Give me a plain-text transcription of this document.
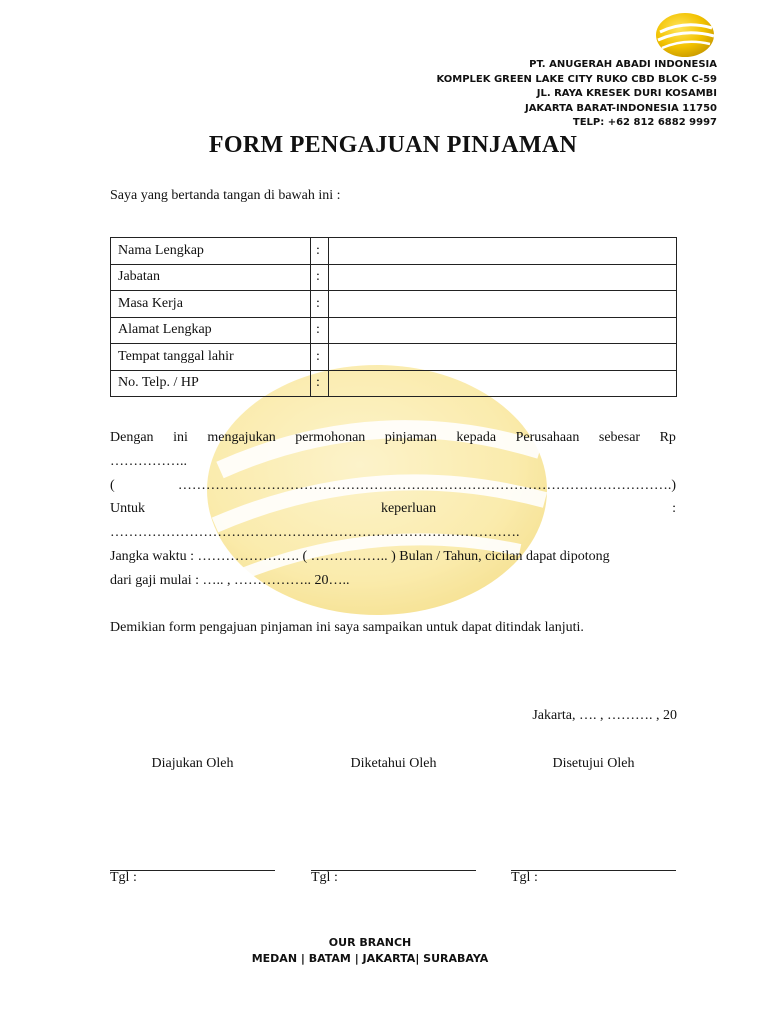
PT. ANUGERAH ABADI INDONESIA
KOMPLEK GREEN LAKE CITY RUKO CBD BLOK C-59
JL. RAYA KRESEK DURI KOSAMBI
JAKARTA BARAT-INDONESIA 11750
TELP: +62 812 6882 9997
FORM PENGAJUAN PINJAMAN
Saya yang bertanda tangan di bawah ini :
Nama Lengkap	:	
Jabatan	:	
Masa Kerja	:	
Alamat Lengkap	:	
Tempat tanggal lahir	:	
No. Telp. / HP	:	
Dengan ini mengajukan permohonan pinjaman kepada Perusahaan sebesar Rp
……………..
(	…………………………………………………………………………………………….)
Untuk	keperluan	:
…………………………………………………………………………….
Jangka waktu : …………………. ( …………….. ) Bulan / Tahun, cicilan dapat dipotong
dari gaji mulai : ….. , …………….. 20…..
Demikian form pengajuan pinjaman ini saya sampaikan untuk dapat ditindak lanjuti.
Jakarta, …. , ………. , 20
Diajukan Oleh	Diketahui Oleh	Disetujui Oleh
Tgl :	Tgl :	Tgl :
OUR BRANCH
MEDAN | BATAM | JAKARTA| SURABAYA
